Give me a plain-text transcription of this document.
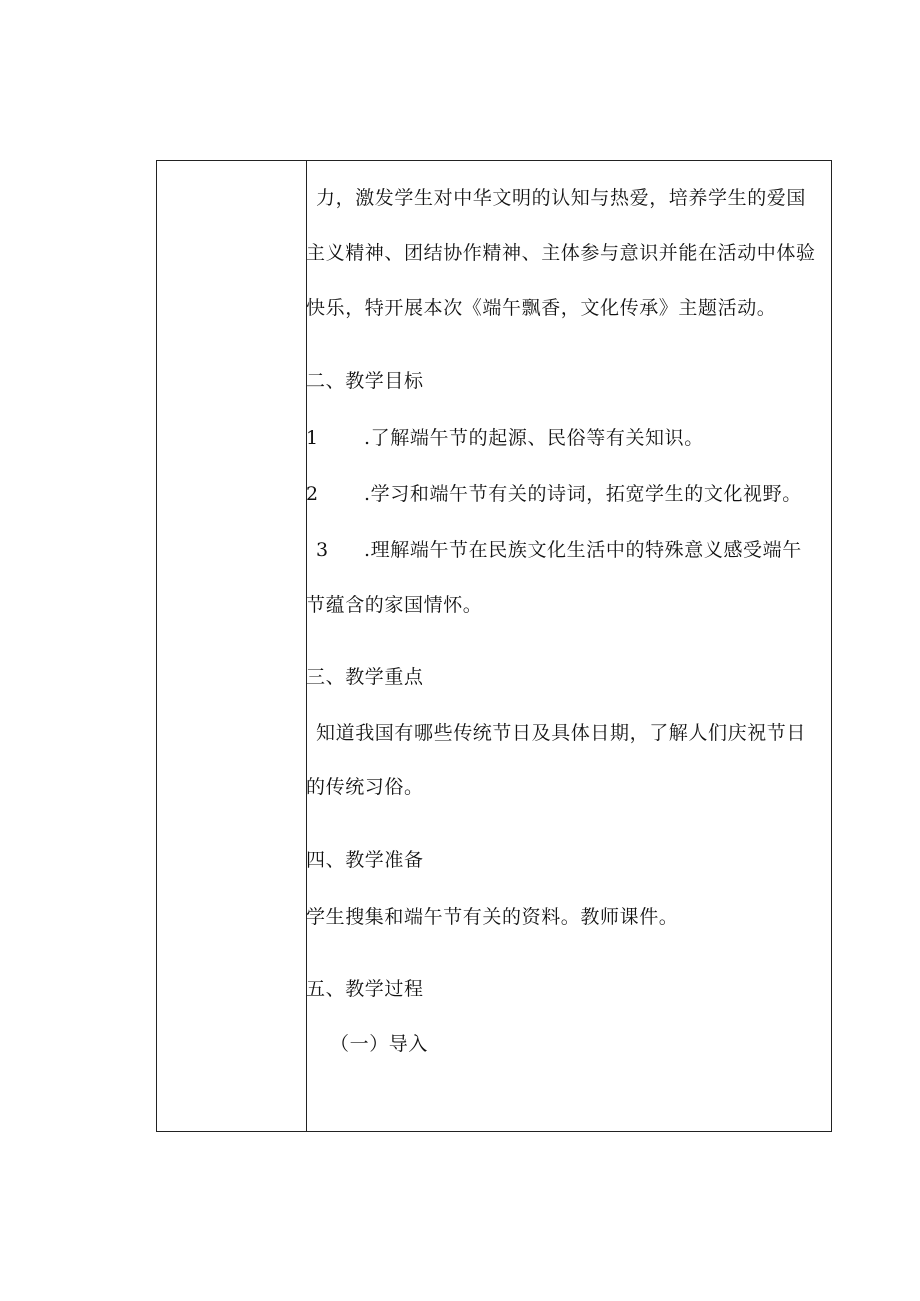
力，激发学生对中华文明的认知与热爱，培养学生的爱国
主义精神、团结协作精神、主体参与意识并能在活动中体验
快乐，特开展本次《端午飘香，文化传承》主题活动。
二、教学目标
1 .了解端午节的起源、民俗等有关知识。
2 .学习和端午节有关的诗词，拓宽学生的文化视野。
3 .理解端午节在民族文化生活中的特殊意义感受端午
节蕴含的家国情怀。
三、教学重点
知道我国有哪些传统节日及具体日期，了解人们庆祝节日
的传统习俗。
四、教学准备
学生搜集和端午节有关的资料。教师课件。
五、教学过程
（一）导入
